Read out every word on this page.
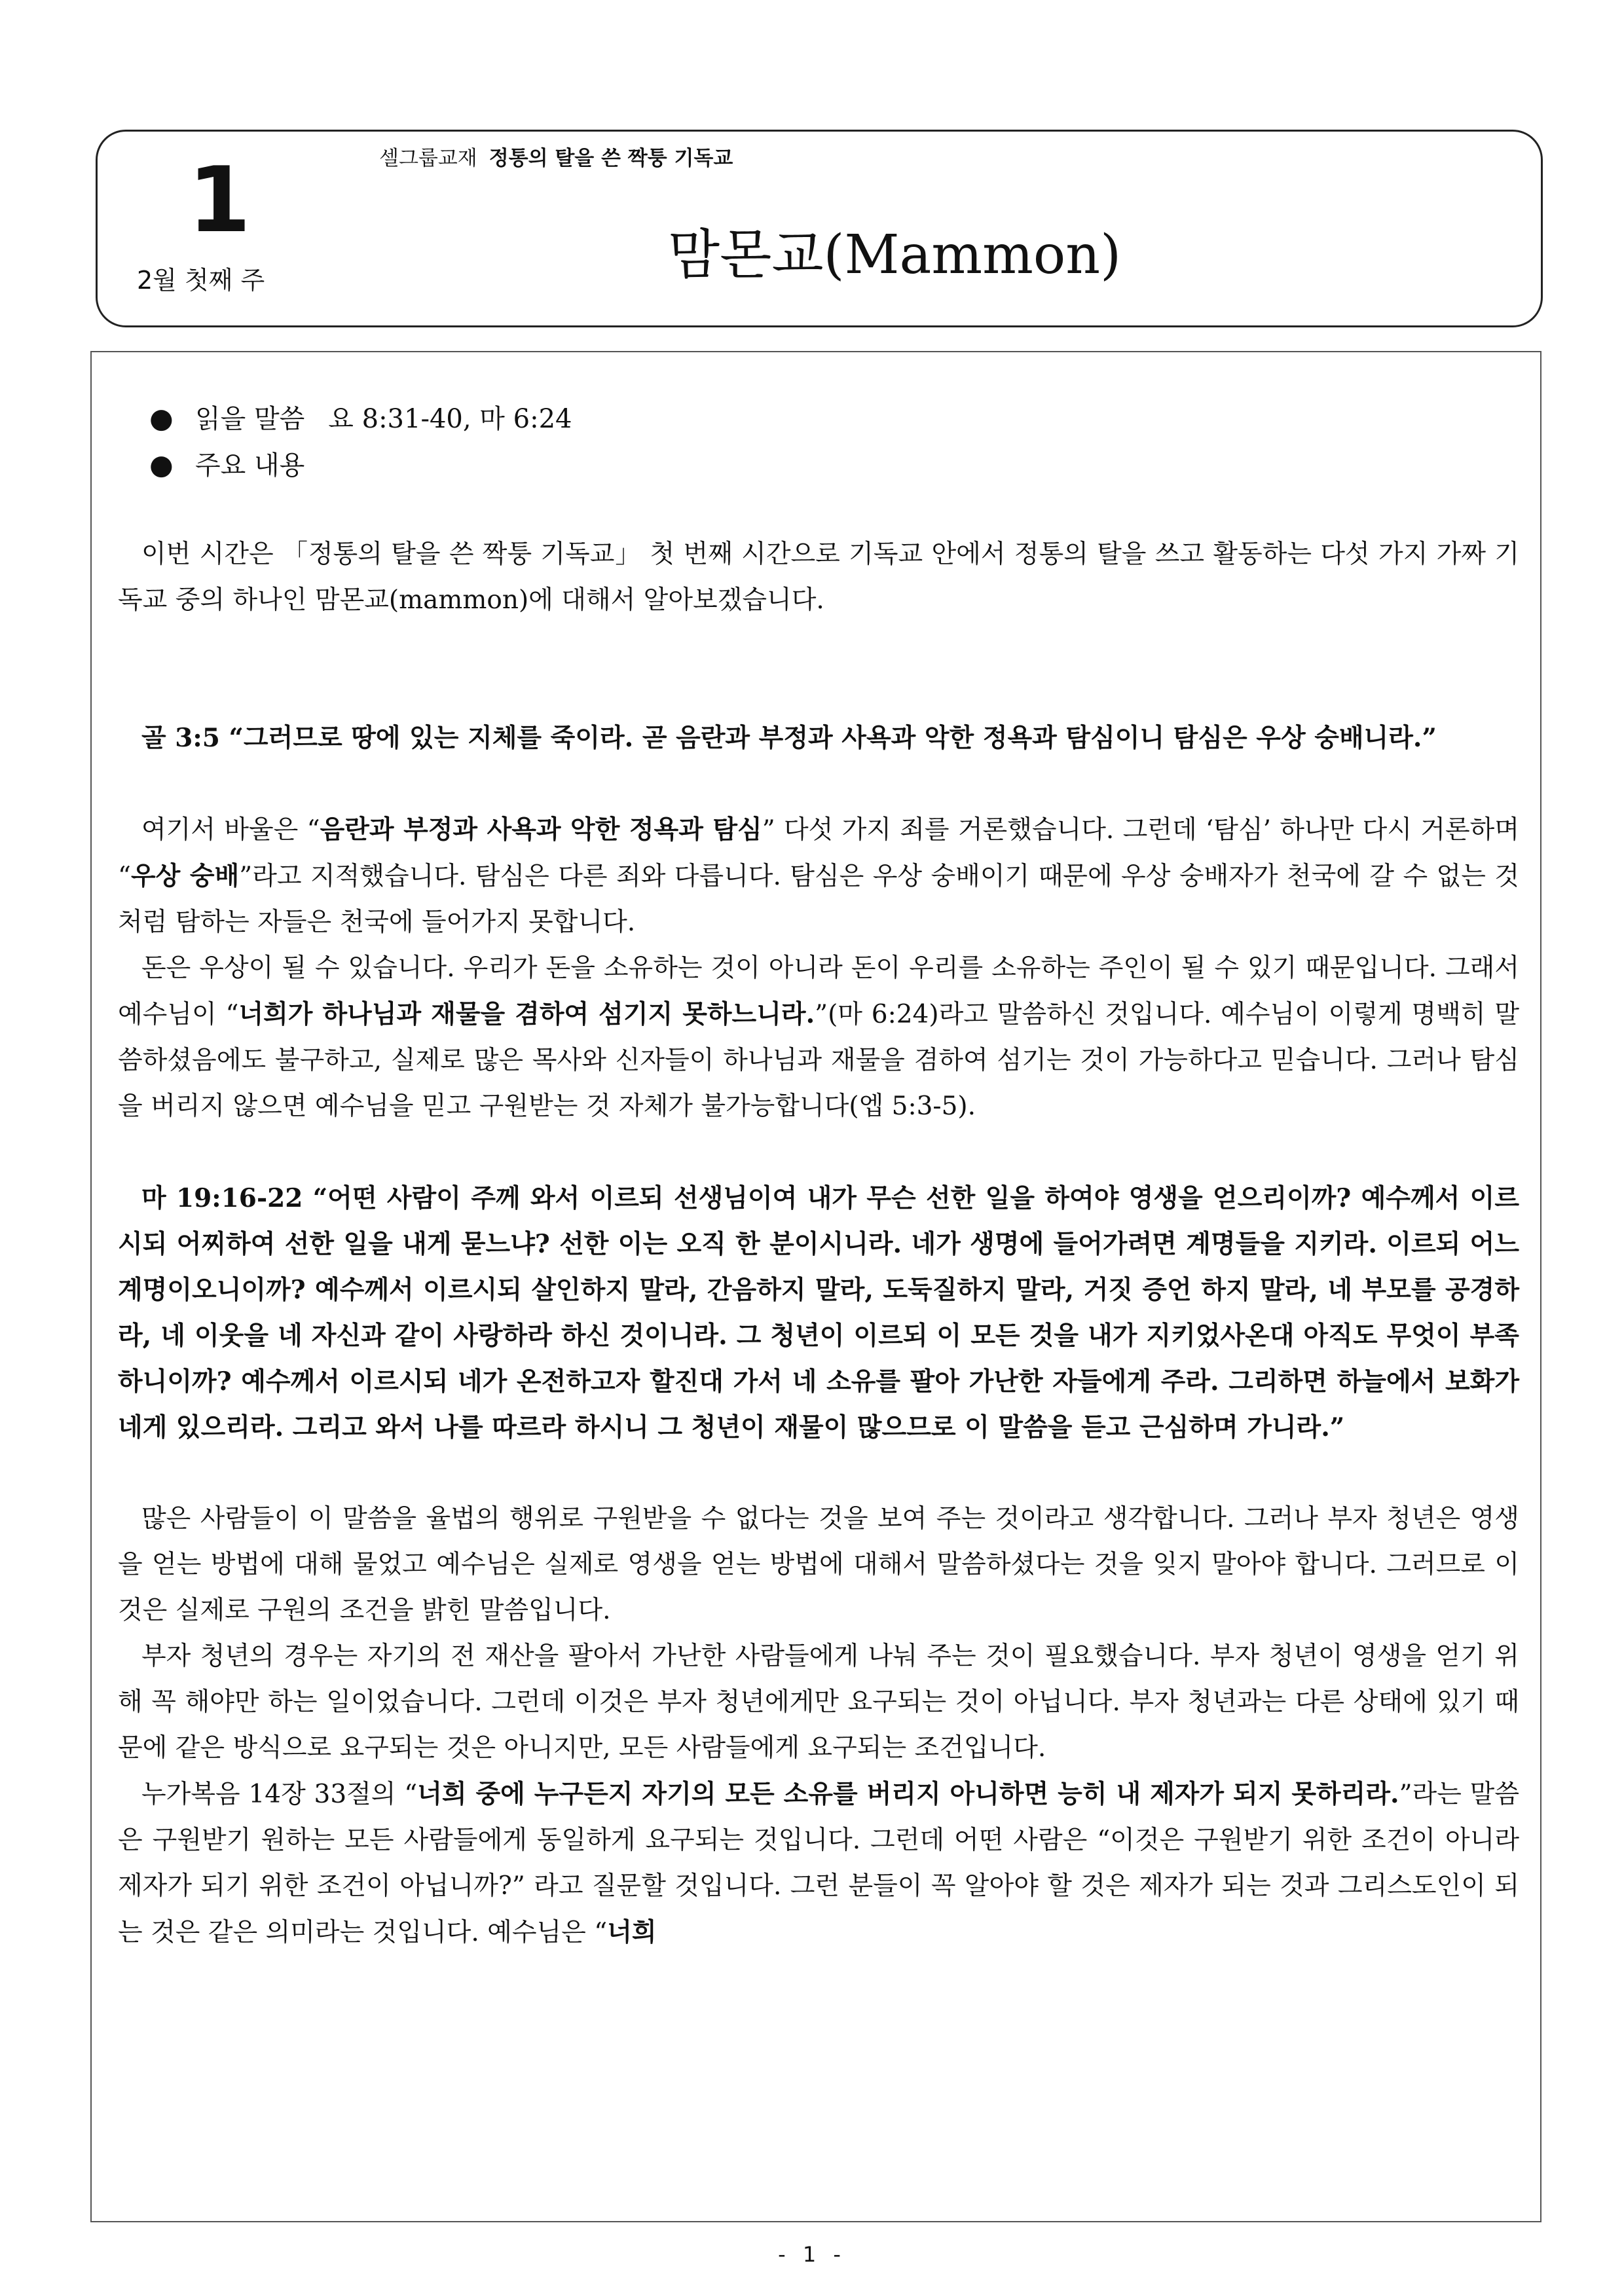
1
2월 첫째 주
셀그룹교재 정통의 탈을 쓴 짝퉁 기독교
맘몬교(Mammon)
● 읽을 말씀 요 8:31-40, 마 6:24
● 주요 내용

이번 시간은 「정통의 탈을 쓴 짝퉁 기독교」 첫 번째 시간으로 기독교 안에서 정통의 탈을 쓰고 활동하는 다섯 가지 가짜 기독교 중의 하나인 맘몬교(mammon)에 대해서 알아보겠습니다.

골 3:5 “그러므로 땅에 있는 지체를 죽이라. 곧 음란과 부정과 사욕과 악한 정욕과 탐심이니 탐심은 우상 숭배니라.”

여기서 바울은 “음란과 부정과 사욕과 악한 정욕과 탐심” 다섯 가지 죄를 거론했습니다. 그런데 ‘탐심’ 하나만 다시 거론하며 “우상 숭배”라고 지적했습니다. 탐심은 다른 죄와 다릅니다. 탐심은 우상 숭배이기 때문에 우상 숭배자가 천국에 갈 수 없는 것처럼 탐하는 자들은 천국에 들어가지 못합니다.

돈은 우상이 될 수 있습니다. 우리가 돈을 소유하는 것이 아니라 돈이 우리를 소유하는 주인이 될 수 있기 때문입니다. 그래서 예수님이 “너희가 하나님과 재물을 겸하여 섬기지 못하느니라.”(마 6:24)라고 말씀하신 것입니다. 예수님이 이렇게 명백히 말씀하셨음에도 불구하고, 실제로 많은 목사와 신자들이 하나님과 재물을 겸하여 섬기는 것이 가능하다고 믿습니다. 그러나 탐심을 버리지 않으면 예수님을 믿고 구원받는 것 자체가 불가능합니다(엡 5:3-5).

마 19:16-22 “어떤 사람이 주께 와서 이르되 선생님이여 내가 무슨 선한 일을 하여야 영생을 얻으리이까? 예수께서 이르시되 어찌하여 선한 일을 내게 묻느냐? 선한 이는 오직 한 분이시니라. 네가 생명에 들어가려면 계명들을 지키라. 이르되 어느 계명이오니이까? 예수께서 이르시되 살인하지 말라, 간음하지 말라, 도둑질하지 말라, 거짓 증언 하지 말라, 네 부모를 공경하라, 네 이웃을 네 자신과 같이 사랑하라 하신 것이니라. 그 청년이 이르되 이 모든 것을 내가 지키었사온대 아직도 무엇이 부족하니이까? 예수께서 이르시되 네가 온전하고자 할진대 가서 네 소유를 팔아 가난한 자들에게 주라. 그리하면 하늘에서 보화가 네게 있으리라. 그리고 와서 나를 따르라 하시니 그 청년이 재물이 많으므로 이 말씀을 듣고 근심하며 가니라.”

많은 사람들이 이 말씀을 율법의 행위로 구원받을 수 없다는 것을 보여 주는 것이라고 생각합니다. 그러나 부자 청년은 영생을 얻는 방법에 대해 물었고 예수님은 실제로 영생을 얻는 방법에 대해서 말씀하셨다는 것을 잊지 말아야 합니다. 그러므로 이것은 실제로 구원의 조건을 밝힌 말씀입니다.

부자 청년의 경우는 자기의 전 재산을 팔아서 가난한 사람들에게 나눠 주는 것이 필요했습니다. 부자 청년이 영생을 얻기 위해 꼭 해야만 하는 일이었습니다. 그런데 이것은 부자 청년에게만 요구되는 것이 아닙니다. 부자 청년과는 다른 상태에 있기 때문에 같은 방식으로 요구되는 것은 아니지만, 모든 사람들에게 요구되는 조건입니다.

누가복음 14장 33절의 “너희 중에 누구든지 자기의 모든 소유를 버리지 아니하면 능히 내 제자가 되지 못하리라.”라는 말씀은 구원받기 원하는 모든 사람들에게 동일하게 요구되는 것입니다. 그런데 어떤 사람은 “이것은 구원받기 위한 조건이 아니라 제자가 되기 위한 조건이 아닙니까?” 라고 질문할 것입니다. 그런 분들이 꼭 알아야 할 것은 제자가 되는 것과 그리스도인이 되는 것은 같은 의미라는 것입니다. 예수님은 “너희

- 1 -
